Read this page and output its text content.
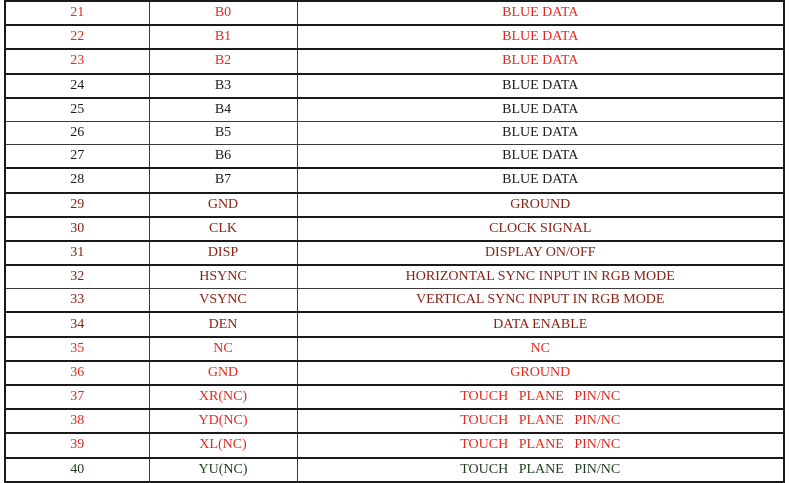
21	B0	BLUE DATA
22	B1	BLUE DATA
23	B2	BLUE DATA
24	B3	BLUE DATA
25	B4	BLUE DATA
26	B5	BLUE DATA
27	B6	BLUE DATA
28	B7	BLUE DATA
29	GND	GROUND
30	CLK	CLOCK SIGNAL
31	DISP	DISPLAY ON/OFF
32	HSYNC	HORIZONTAL SYNC INPUT IN RGB MODE
33	VSYNC	VERTICAL SYNC INPUT IN RGB MODE
34	DEN	DATA ENABLE
35	NC	NC
36	GND	GROUND
37	XR(NC)	TOUCH   PLANE   PIN/NC
38	YD(NC)	TOUCH   PLANE   PIN/NC
39	XL(NC)	TOUCH   PLANE   PIN/NC
40	YU(NC)	TOUCH   PLANE   PIN/NC
